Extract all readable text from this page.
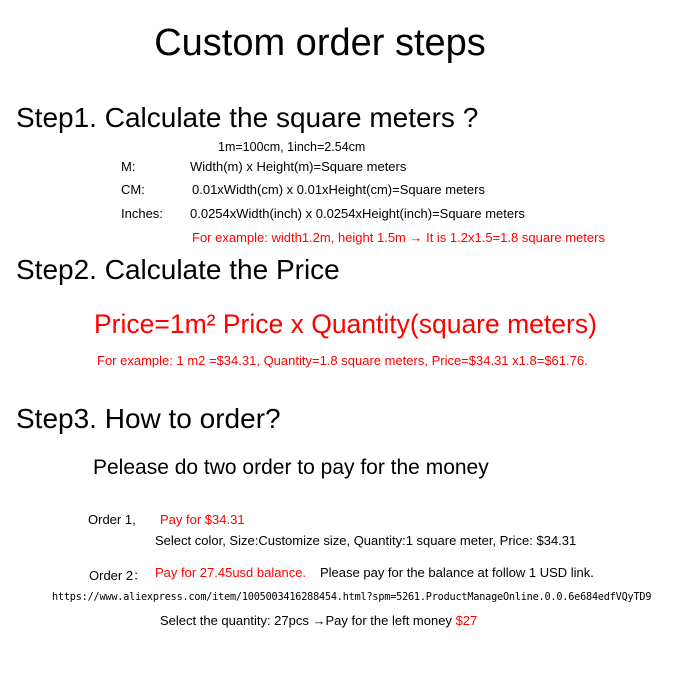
Custom order steps
Step1. Calculate the square meters ?
1m=100cm, 1inch=2.54cm
M:	Width(m) x Height(m)=Square meters
CM:	0.01xWidth(cm) x 0.01xHeight(cm)=Square meters
Inches: 0.0254xWidth(inch) x 0.0254xHeight(inch)=Square meters
For example: width1.2m, height 1.5m → It is 1.2x1.5=1.8 square meters
Step2. Calculate the Price
Price=1m² Price x Quantity(square meters)
For example: 1 m2 =$34.31, Quantity=1.8 square meters, Price=$34.31 x1.8=$61.76.
Step3. How to order?
Pelease do two order to pay for the money
Order 1, Pay for $34.31
Select color, Size:Customize size, Quantity:1 square meter, Price: $34.31
Order 2： Pay for 27.45usd balance. Please pay for the balance at follow 1 USD link.
https://www.aliexpress.com/item/1005003416288454.html?spm=5261.ProductManageOnline.0.0.6e684edfVQyTD9
Select the quantity: 27pcs →Pay for the left money $27
